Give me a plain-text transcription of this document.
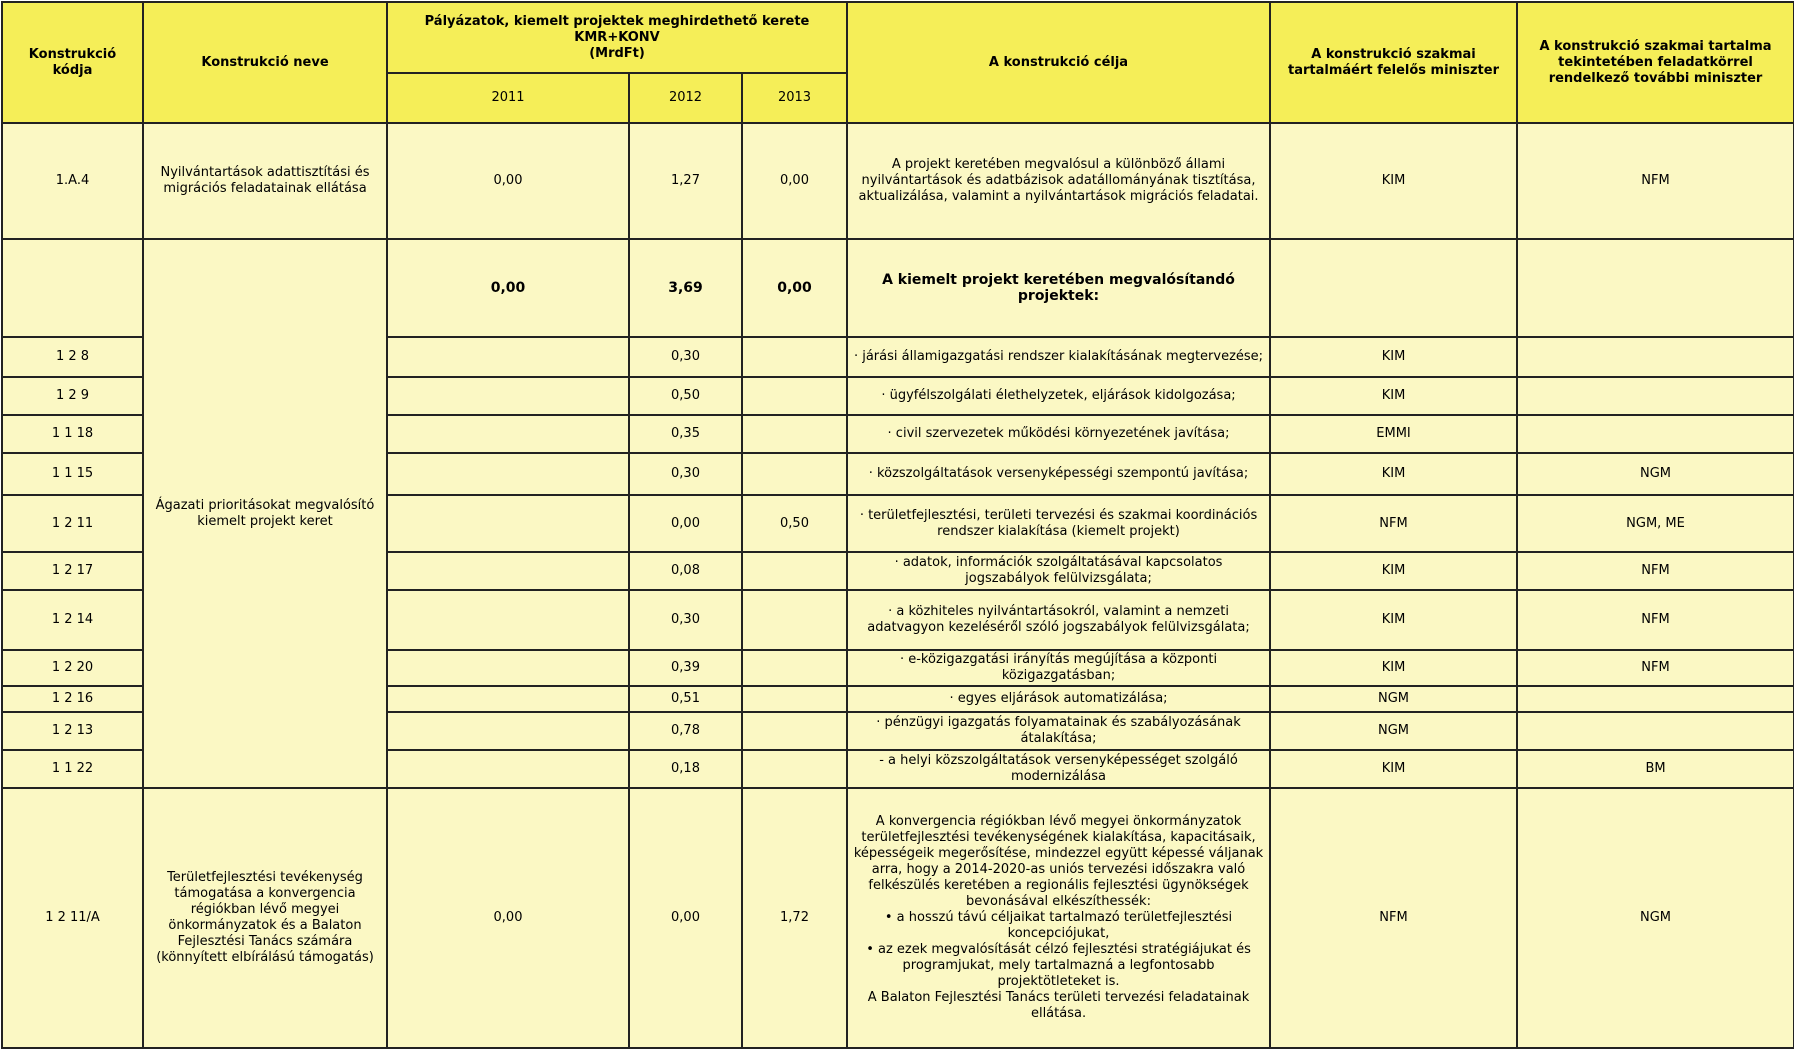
Konstrukció kódja	Konstrukció neve	Pályázatok, kiemelt projektek meghirdethető kerete
KMR+KONV
(MrdFt)			A konstrukció célja	A konstrukció szakmai tartalmáért felelős miniszter	A konstrukció szakmai tartalma tekintetében feladatkörrel rendelkező további miniszter
		2011	2012	2013			
1.A.4	Nyilvántartások adattisztítási és migrációs feladatainak ellátása	0,00	1,27	0,00	A projekt keretében megvalósul a különböző állami nyilvántartások és adatbázisok adatállományának tisztítása, aktualizálása, valamint a nyilvántartások migrációs feladatai.	KIM	NFM
	Ágazati prioritásokat megvalósító kiemelt projekt keret	0,00	3,69	0,00	A kiemelt projekt keretében megvalósítandó projektek:		
1 2 8			0,30		· járási államigazgatási rendszer kialakításának megtervezése;	KIM	
1 2 9			0,50		· ügyfélszolgálati élethelyzetek, eljárások kidolgozása;	KIM	
1 1 18			0,35		· civil szervezetek működési környezetének javítása;	EMMI	
1 1 15			0,30		· közszolgáltatások versenyképességi szempontú javítása;	KIM	NGM
1 2 11			0,00	0,50	· területfejlesztési, területi tervezési és szakmai koordinációs rendszer kialakítása (kiemelt projekt)	NFM	NGM, ME
1 2 17			0,08		· adatok, információk szolgáltatásával kapcsolatos jogszabályok felülvizsgálata;	KIM	NFM
1 2 14			0,30		· a közhiteles nyilvántartásokról, valamint a nemzeti adatvagyon kezeléséről szóló jogszabályok felülvizsgálata;	KIM	NFM
1 2 20			0,39		· e-közigazgatási irányítás megújítása a központi közigazgatásban;	KIM	NFM
1 2 16			0,51		· egyes eljárások automatizálása;	NGM	
1 2 13			0,78		· pénzügyi igazgatás folyamatainak és szabályozásának átalakítása;	NGM	
1 1 22			0,18		- a helyi közszolgáltatások versenyképességet szolgáló modernizálása	KIM	BM
1 2 11/A	Területfejlesztési tevékenység támogatása a konvergencia régiókban lévő megyei önkormányzatok és a Balaton Fejlesztési Tanács számára (könnyített elbírálású támogatás)	0,00	0,00	1,72	A konvergencia régiókban lévő megyei önkormányzatok területfejlesztési tevékenységének kialakítása, kapacitásaik, képességeik megerősítése, mindezzel együtt képessé váljanak arra, hogy a 2014-2020-as uniós tervezési időszakra való felkészülés keretében a regionális fejlesztési ügynökségek bevonásával elkészíthessék:
• a hosszú távú céljaikat tartalmazó területfejlesztési koncepciójukat,
• az ezek megvalósítását célzó fejlesztési stratégiájukat és programjukat, mely tartalmazná a legfontosabb projektötleteket is.
A Balaton Fejlesztési Tanács területi tervezési feladatainak ellátása.	NFM	NGM
